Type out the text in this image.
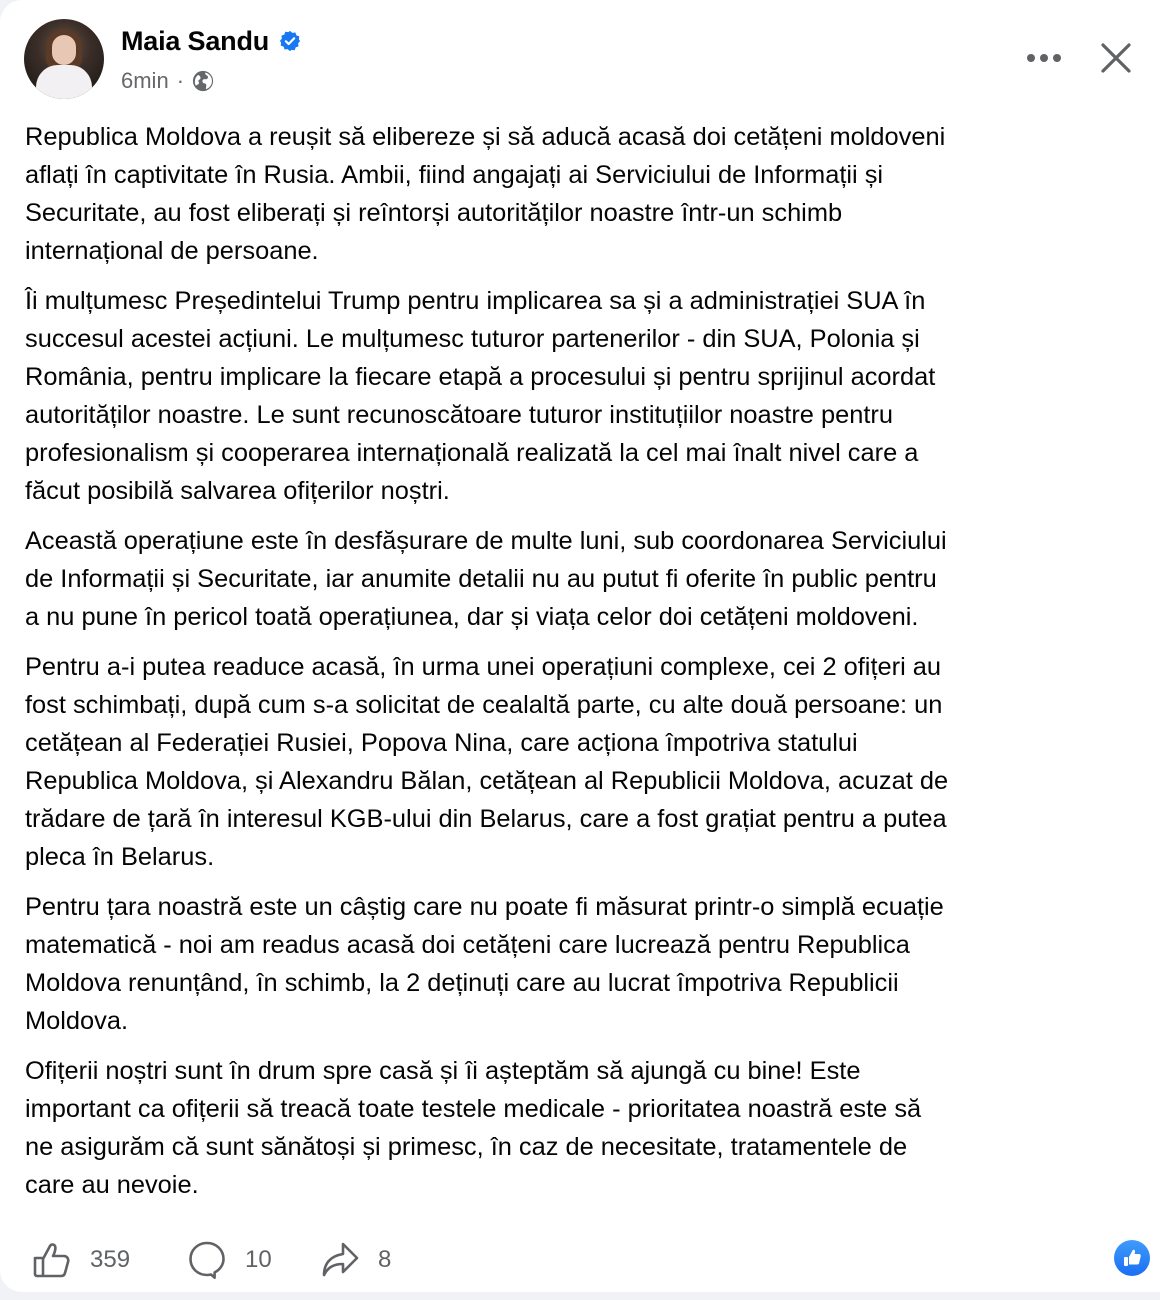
Maia Sandu
6min ·

Republica Moldova a reușit să elibereze și să aducă acasă doi cetățeni moldoveni
aflați în captivitate în Rusia. Ambii, fiind angajați ai Serviciului de Informații și
Securitate, au fost eliberați și reîntorși autorităților noastre într-un schimb
internațional de persoane.

Îi mulțumesc Președintelui Trump pentru implicarea sa și a administrației SUA în
succesul acestei acțiuni. Le mulțumesc tuturor partenerilor - din SUA, Polonia și
România, pentru implicare la fiecare etapă a procesului și pentru sprijinul acordat
autorităților noastre. Le sunt recunoscătoare tuturor instituțiilor noastre pentru
profesionalism și cooperarea internațională realizată la cel mai înalt nivel care a
făcut posibilă salvarea ofițerilor noștri.

Această operațiune este în desfășurare de multe luni, sub coordonarea Serviciului
de Informații și Securitate, iar anumite detalii nu au putut fi oferite în public pentru
a nu pune în pericol toată operațiunea, dar și viața celor doi cetățeni moldoveni.

Pentru a-i putea readuce acasă, în urma unei operațiuni complexe, cei 2 ofițeri au
fost schimbați, după cum s-a solicitat de cealaltă parte, cu alte două persoane: un
cetățean al Federației Rusiei, Popova Nina, care acționa împotriva statului
Republica Moldova, și Alexandru Bălan, cetățean al Republicii Moldova, acuzat de
trădare de țară în interesul KGB-ului din Belarus, care a fost grațiat pentru a putea
pleca în Belarus.

Pentru țara noastră este un câștig care nu poate fi măsurat printr-o simplă ecuație
matematică - noi am readus acasă doi cetățeni care lucrează pentru Republica
Moldova renunțând, în schimb, la 2 deținuți care au lucrat împotriva Republicii
Moldova.

Ofițerii noștri sunt în drum spre casă și îi așteptăm să ajungă cu bine! Este
important ca ofițerii să treacă toate testele medicale - prioritatea noastră este să
ne asigurăm că sunt sănătoși și primesc, în caz de necesitate, tratamentele de
care au nevoie.

359	10	8
